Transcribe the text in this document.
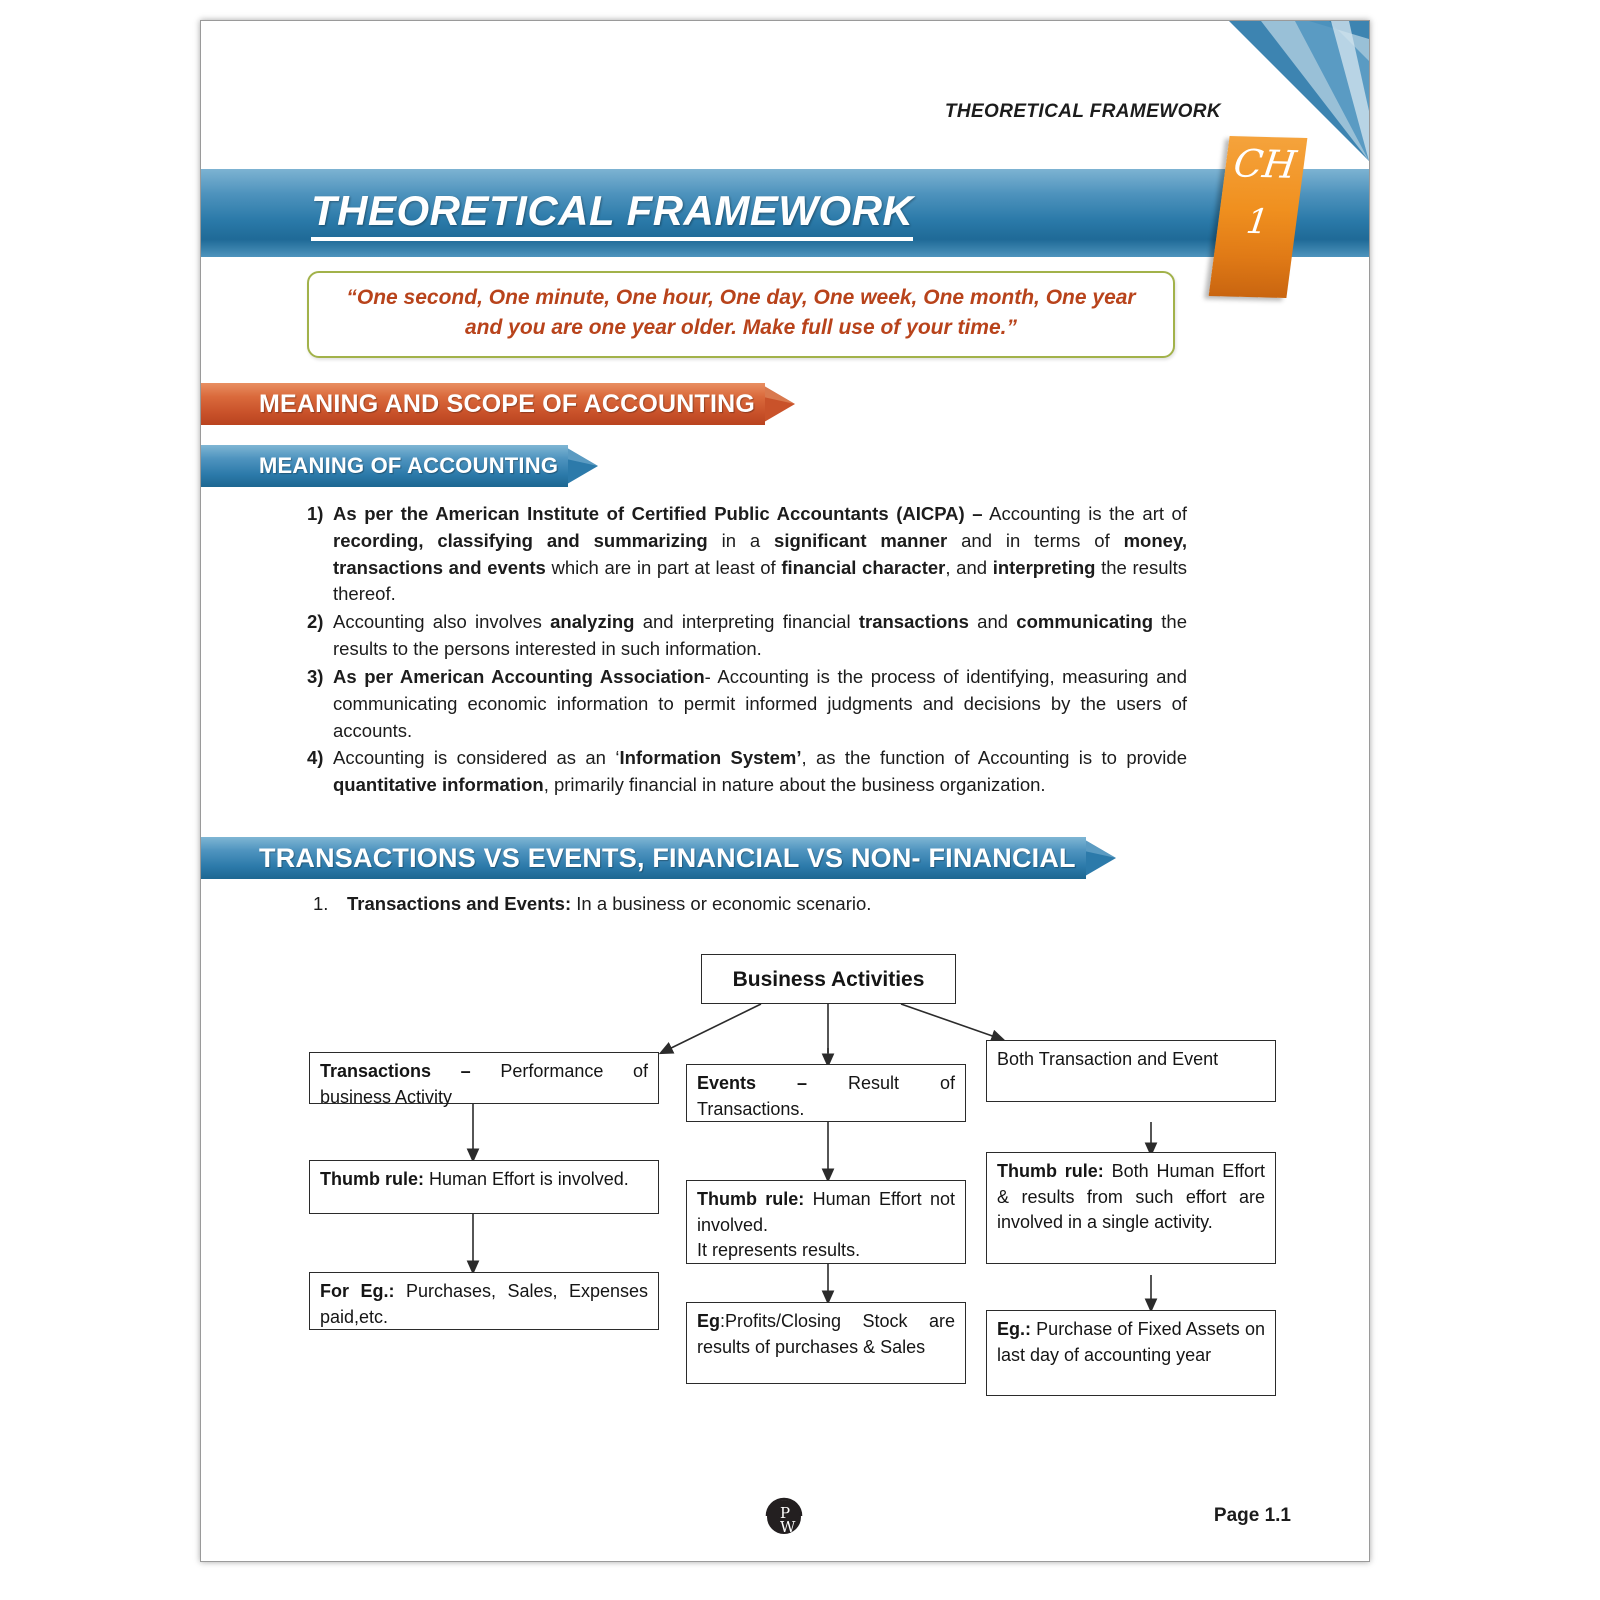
THEORETICAL FRAMEWORK
THEORETICAL FRAMEWORK
CH
1
“One second, One minute, One hour, One day, One week, One month, One year
and you are one year older. Make full use of your time.”
MEANING AND SCOPE OF ACCOUNTING
MEANING OF ACCOUNTING
1) As per the American Institute of Certified Public Accountants (AICPA) – Accounting is the art of recording, classifying and summarizing in a significant manner and in terms of money, transactions and events which are in part at least of financial character, and interpreting the results thereof.
2) Accounting also involves analyzing and interpreting financial transactions and communicating the results to the persons interested in such information.
3) As per American Accounting Association- Accounting is the process of identifying, measuring and communicating economic information to permit informed judgments and decisions by the users of accounts.
4) Accounting is considered as an ‘Information System’, as the function of Accounting is to provide quantitative information, primarily financial in nature about the business organization.
TRANSACTIONS VS EVENTS, FINANCIAL VS NON- FINANCIAL
1.	Transactions and Events: In a business or economic scenario.
Business Activities
Transactions – Performance of business Activity
Thumb rule: Human Effort is involved.
For Eg.: Purchases, Sales, Expenses paid,etc.
Events – Result of Transactions.
Thumb rule: Human Effort not involved.
It represents results.
Eg:Profits/Closing Stock are results of purchases & Sales
Both Transaction and Event
Thumb rule: Both Human Effort & results from such effort are involved in a single activity.
Eg.: Purchase of Fixed Assets on last day of accounting year
P
W
Page 1.1
